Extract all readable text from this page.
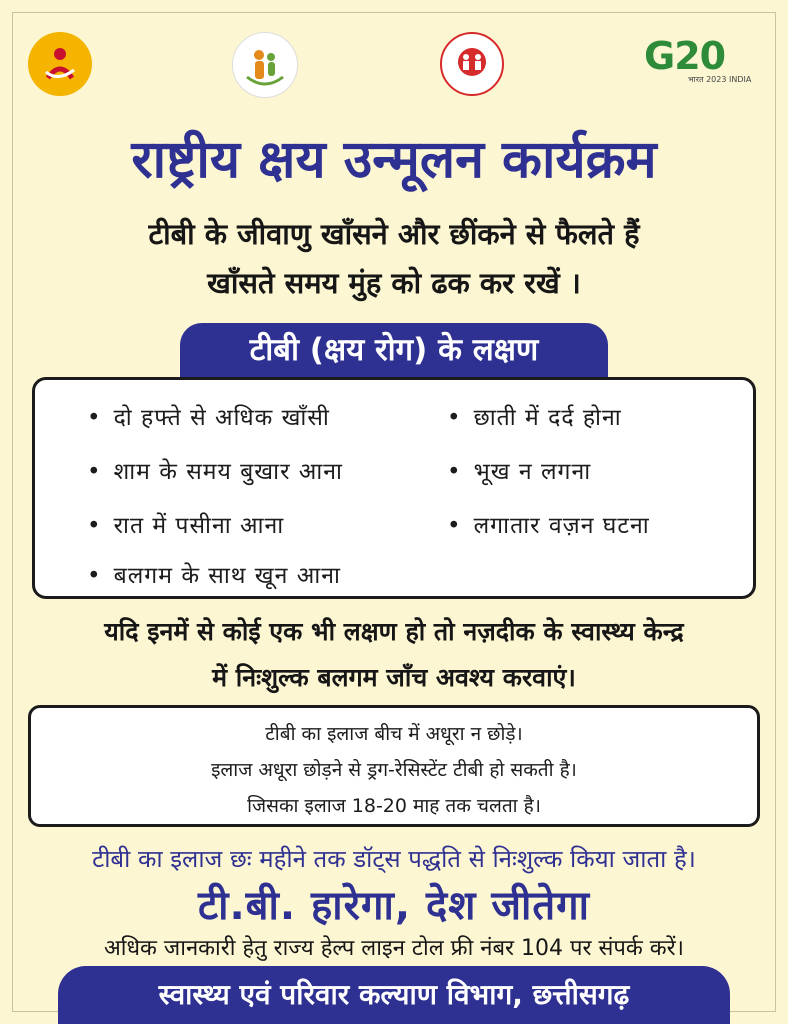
G20
भारत 2023 INDIA
राष्ट्रीय क्षय उन्मूलन कार्यक्रम
टीबी के जीवाणु खाँसने और छींकने से फैलते हैं
खाँसते समय मुंह को ढक कर रखें ।
टीबी (क्षय रोग) के लक्षण
• दो हफ्ते से अधिक खाँसी
• शाम के समय बुखार आना
• रात में पसीना आना
• बलगम के साथ खून आना
• छाती में दर्द होना
• भूख न लगना
• लगातार वज़न घटना
यदि इनमें से कोई एक भी लक्षण हो तो नज़दीक के स्वास्थ्य केन्द्र
में निःशुल्क बलगम जाँच अवश्य करवाएं।
टीबी का इलाज बीच में अधूरा न छोड़े।
इलाज अधूरा छोड़ने से ड्रग-रेसिस्टेंट टीबी हो सकती है।
जिसका इलाज 18-20 माह तक चलता है।
टीबी का इलाज छः महीने तक डॉट्स पद्धति से निःशुल्क किया जाता है।
टी.बी. हारेगा, देश जीतेगा
अधिक जानकारी हेतु राज्य हेल्प लाइन टोल फ्री नंबर 104 पर संपर्क करें।
स्वास्थ्य एवं परिवार कल्याण विभाग, छत्तीसगढ़
